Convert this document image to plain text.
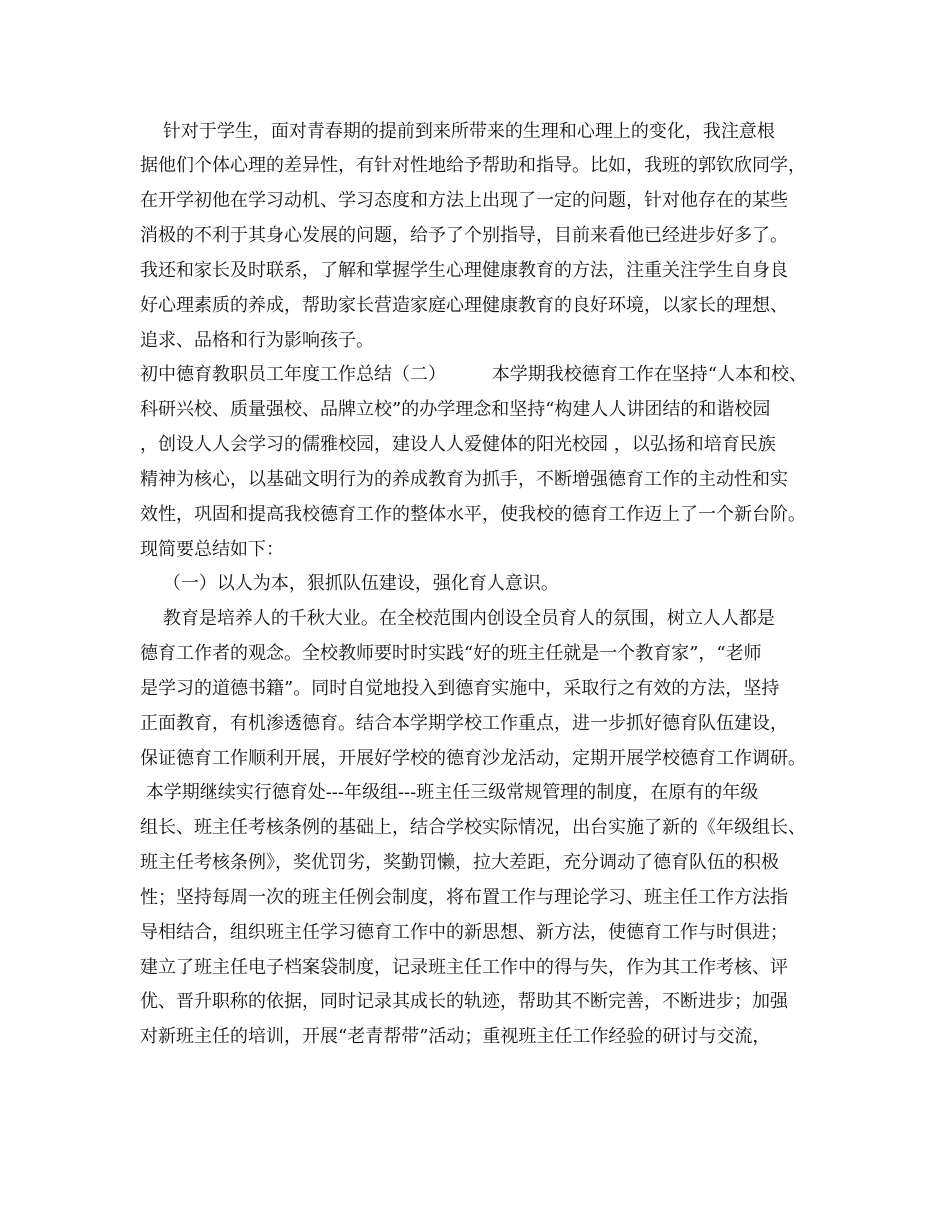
针对于学生，面对青春期的提前到来所带来的生理和心理上的变化，我注意根
据他们个体心理的差异性，有针对性地给予帮助和指导。比如，我班的郭钦欣同学，
在开学初他在学习动机、学习态度和方法上出现了一定的问题，针对他存在的某些
消极的不利于其身心发展的问题，给予了个别指导，目前来看他已经进步好多了。
我还和家长及时联系，了解和掌握学生心理健康教育的方法，注重关注学生自身良
好心理素质的养成，帮助家长营造家庭心理健康教育的良好环境，以家长的理想、
追求、品格和行为影响孩子。
初中德育教职员工年度工作总结（二）        本学期我校德育工作在坚持“人本和校、
科研兴校、质量强校、品牌立校”的办学理念和坚持“构建人人讲团结的和谐校园
，创设人人会学习的儒雅校园，建设人人爱健体的阳光校园 ，以弘扬和培育民族
精神为核心，以基础文明行为的养成教育为抓手，不断增强德育工作的主动性和实
效性，巩固和提高我校德育工作的整体水平，使我校的德育工作迈上了一个新台阶。
现简要总结如下：
（一）以人为本，狠抓队伍建设，强化育人意识。
教育是培养人的千秋大业。在全校范围内创设全员育人的氛围，树立人人都是
德育工作者的观念。全校教师要时时实践“好的班主任就是一个教育家”，“老师
是学习的道德书籍”。同时自觉地投入到德育实施中，采取行之有效的方法，坚持
正面教育，有机渗透德育。结合本学期学校工作重点，进一步抓好德育队伍建设，
保证德育工作顺利开展，开展好学校的德育沙龙活动，定期开展学校德育工作调研。
本学期继续实行德育处---年级组---班主任三级常规管理的制度，在原有的年级
组长、班主任考核条例的基础上，结合学校实际情况，出台实施了新的《年级组长、
班主任考核条例》，奖优罚劣，奖勤罚懒，拉大差距，充分调动了德育队伍的积极
性；坚持每周一次的班主任例会制度，将布置工作与理论学习、班主任工作方法指
导相结合，组织班主任学习德育工作中的新思想、新方法，使德育工作与时俱进；
建立了班主任电子档案袋制度，记录班主任工作中的得与失，作为其工作考核、评
优、晋升职称的依据，同时记录其成长的轨迹，帮助其不断完善，不断进步；加强
对新班主任的培训，开展“老青帮带”活动；重视班主任工作经验的研讨与交流，
